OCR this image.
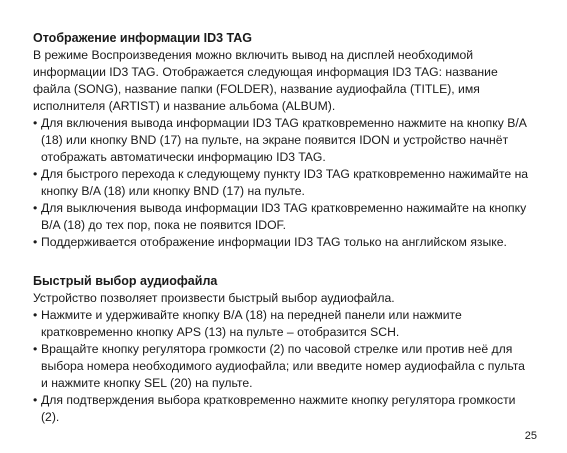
Отображение информации ID3 TAG

В режиме Воспроизведения можно включить вывод на дисплей необходимой информации ID3 TAG. Отображается следующая информация ID3 TAG: название файла (SONG), название папки (FOLDER), название аудиофайла (TITLE), имя исполнителя (ARTIST) и название альбома (ALBUM).

• Для включения вывода информации ID3 TAG кратковременно нажмите на кнопку B/A (18) или кнопку BND (17) на пульте, на экране появится IDON и устройство начнёт отображать автоматически информацию ID3 TAG.
• Для быстрого перехода к следующему пункту ID3 TAG кратковременно нажимайте на кнопку B/A (18) или кнопку BND (17) на пульте.
• Для выключения вывода информации ID3 TAG кратковременно нажимайте на кнопку B/A (18) до тех пор, пока не появится IDOF.
• Поддерживается отображение информации ID3 TAG только на английском языке.
Быстрый выбор аудиофайла

Устройство позволяет произвести быстрый выбор аудиофайла.

• Нажмите и удерживайте кнопку B/A (18) на передней панели или нажмите кратковременно кнопку APS (13) на пульте – отобразится SCH.
• Вращайте кнопку регулятора громкости (2) по часовой стрелке или против неё для выбора номера необходимого аудиофайла; или введите номер аудиофайла с пульта и нажмите кнопку SEL (20) на пульте.
• Для подтверждения выбора кратковременно нажмите кнопку регулятора громкости (2).
25
